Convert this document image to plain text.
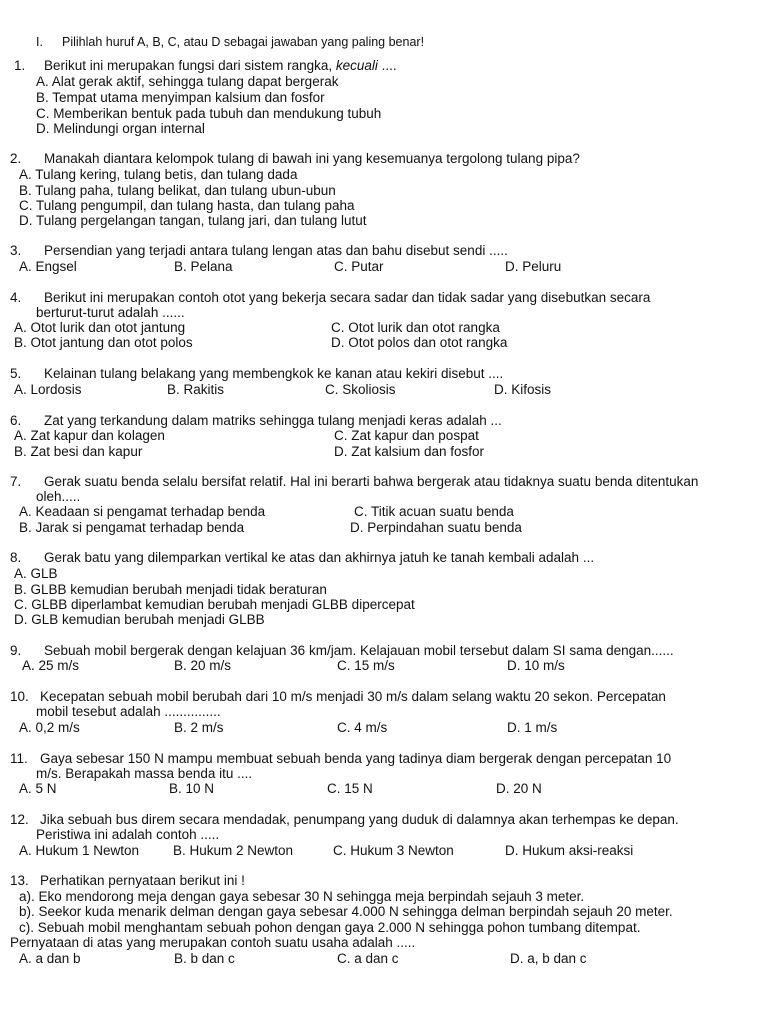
I. Pilihlah huruf A, B, C, atau D sebagai jawaban yang paling benar!
1. Berikut ini merupakan fungsi dari sistem rangka, kecuali ....
A. Alat gerak aktif, sehingga tulang dapat bergerak
B. Tempat utama menyimpan kalsium dan fosfor
C. Memberikan bentuk pada tubuh dan mendukung tubuh
D. Melindungi organ internal
2. Manakah diantara kelompok tulang di bawah ini yang kesemuanya tergolong tulang pipa?
A. Tulang kering, tulang betis, dan tulang dada
B. Tulang paha, tulang belikat, dan tulang ubun-ubun
C. Tulang pengumpil, dan tulang hasta, dan tulang paha
D. Tulang pergelangan tangan, tulang jari, dan tulang lutut
3. Persendian yang terjadi antara tulang lengan atas dan bahu disebut sendi .....
A. Engsel	B. Pelana	C. Putar	D. Peluru
4. Berikut ini merupakan contoh otot yang bekerja secara sadar dan tidak sadar yang disebutkan secara
berturut-turut adalah ......
A. Otot lurik dan otot jantung	C. Otot lurik dan otot rangka
B. Otot jantung dan otot polos	D. Otot polos dan otot rangka
5. Kelainan tulang belakang yang membengkok ke kanan atau kekiri disebut ....
A. Lordosis	B. Rakitis	C. Skoliosis	D. Kifosis
6. Zat yang terkandung dalam matriks sehingga tulang menjadi keras adalah ...
A. Zat kapur dan kolagen	C. Zat kapur dan pospat
B. Zat besi dan kapur	D. Zat kalsium dan fosfor
7. Gerak suatu benda selalu bersifat relatif. Hal ini berarti bahwa bergerak atau tidaknya suatu benda ditentukan
oleh.....
A. Keadaan si pengamat terhadap benda	C. Titik acuan suatu benda
B. Jarak si pengamat terhadap benda	D. Perpindahan suatu benda
8. Gerak batu yang dilemparkan vertikal ke atas dan akhirnya jatuh ke tanah kembali adalah ...
A. GLB
B. GLBB kemudian berubah menjadi tidak beraturan
C. GLBB diperlambat kemudian berubah menjadi GLBB dipercepat
D. GLB kemudian berubah menjadi GLBB
9. Sebuah mobil bergerak dengan kelajuan 36 km/jam. Kelajauan mobil tersebut dalam SI sama dengan......
A. 25 m/s	B. 20 m/s	C. 15 m/s	D. 10 m/s
10. Kecepatan sebuah mobil berubah dari 10 m/s menjadi 30 m/s dalam selang waktu 20 sekon. Percepatan
mobil tesebut adalah ...............
A. 0,2 m/s	B. 2 m/s	C. 4 m/s	D. 1 m/s
11. Gaya sebesar 150 N mampu membuat sebuah benda yang tadinya diam bergerak dengan percepatan 10
m/s. Berapakah massa benda itu ....
A. 5 N	B. 10 N	C. 15 N	D. 20 N
12. Jika sebuah bus direm secara mendadak, penumpang yang duduk di dalamnya akan terhempas ke depan.
Peristiwa ini adalah contoh .....
A. Hukum 1 Newton	B. Hukum 2 Newton	C. Hukum 3 Newton	D. Hukum aksi-reaksi
13. Perhatikan pernyataan berikut ini !
a). Eko mendorong meja dengan gaya sebesar 30 N sehingga meja berpindah sejauh 3 meter.
b). Seekor kuda menarik delman dengan gaya sebesar 4.000 N sehingga delman berpindah sejauh 20 meter.
c). Sebuah mobil menghantam sebuah pohon dengan gaya 2.000 N sehingga pohon tumbang ditempat.
Pernyataan di atas yang merupakan contoh suatu usaha adalah .....
A. a dan b	B. b dan c	C. a dan c	D. a, b dan c
